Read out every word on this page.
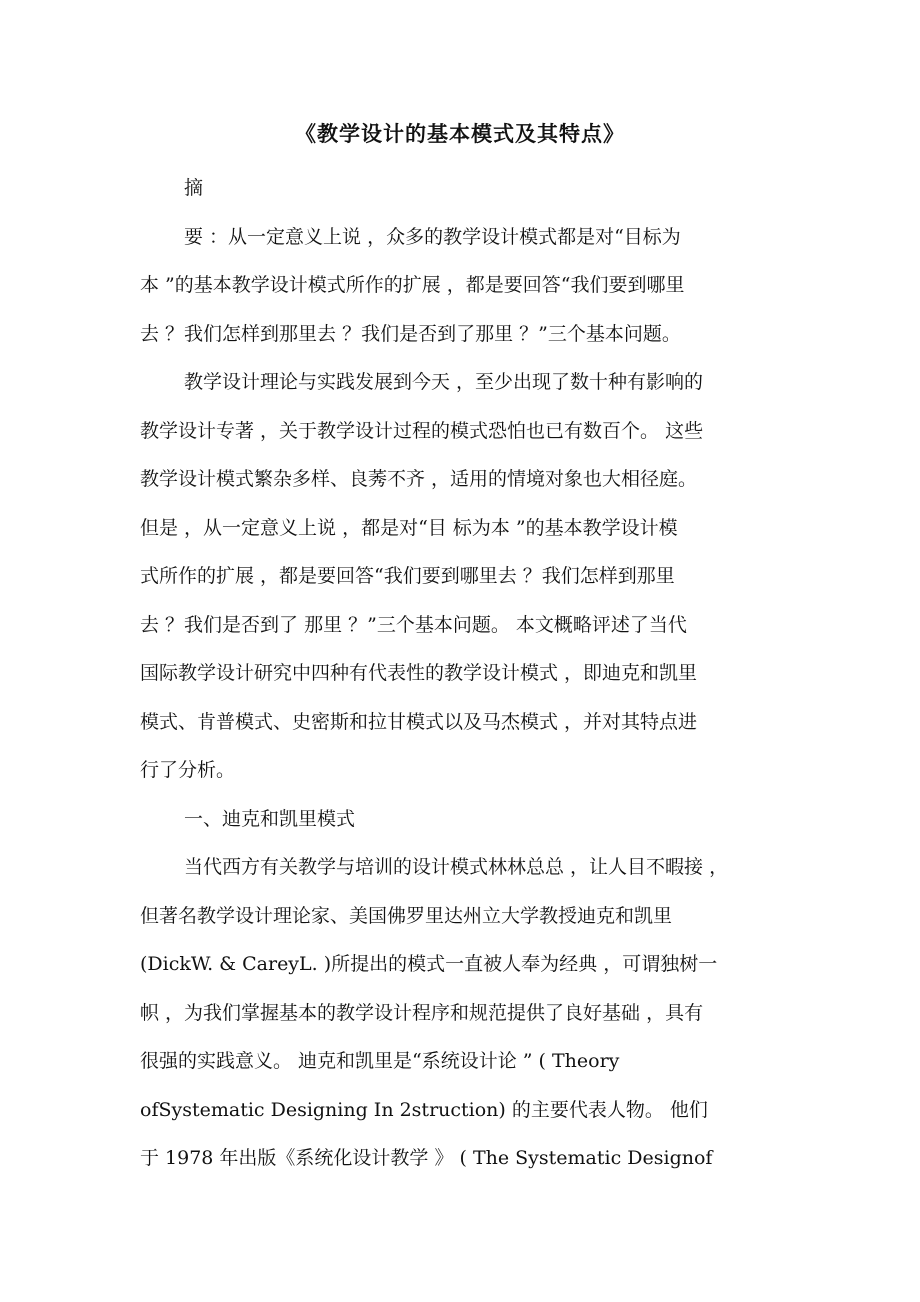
《教学设计的基本模式及其特点》
摘
要 ：从一定意义上说 ，众多的教学设计模式都是对“目标为
本 ”的基本教学设计模式所作的扩展 ，都是要回答“我们要到哪里
去 ？我们怎样到那里去 ？我们是否到了那里 ？”三个基本问题。
教学设计理论与实践发展到今天 ，至少出现了数十种有影响的
教学设计专著 ，关于教学设计过程的模式恐怕也已有数百个。 这些
教学设计模式繁杂多样、良莠不齐 ，适用的情境对象也大相径庭。
但是 ，从一定意义上说 ，都是对“目 标为本 ”的基本教学设计模
式所作的扩展 ，都是要回答“我们要到哪里去 ？我们怎样到那里
去 ？我们是否到了 那里 ？”三个基本问题。 本文概略评述了当代
国际教学设计研究中四种有代表性的教学设计模式 ，即迪克和凯里
模式、肯普模式、史密斯和拉甘模式以及马杰模式 ，并对其特点进
行了分析。
一、迪克和凯里模式
当代西方有关教学与培训的设计模式林林总总 ，让人目不暇接 ，
但著名教学设计理论家、美国佛罗里达州立大学教授迪克和凯里
(DickW. & CareyL. )所提出的模式一直被人奉为经典 ，可谓独树一
帜 ，为我们掌握基本的教学设计程序和规范提供了良好基础 ，具有
很强的实践意义。 迪克和凯里是“系统设计论 ” ( Theory
ofSystematic Designing In 2struction) 的主要代表人物。 他们
于 1978 年出版《系统化设计教学 》 ( The Systematic Designof
